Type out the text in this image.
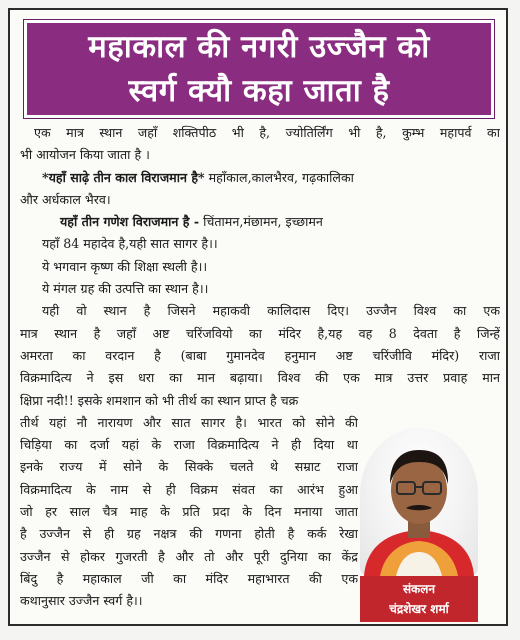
महाकाल की नगरी उज्जैन को
स्वर्ग क्यौ कहा जाता है
एक मात्र स्थान जहाँ शक्तिपीठ भी है, ज्योतिर्लिंग भी है, कुम्भ महापर्व का
भी आयोजन किया जाता है ।
*यहाँ साढ़े तीन काल विराजमान है* महाँकाल,कालभैरव, गढ़कालिका
और अर्धकाल भैरव।
यहाँ तीन गणेश विराजमान है - चिंतामन,मंछामन, इच्छामन
यहाँ 84 महादेव है,यही सात सागर है।।
ये भगवान कृष्ण की शिक्षा स्थली है।।
ये मंगल ग्रह की उत्पत्ति का स्थान है।।
यही वो स्थान है जिसने महाकवी कालिदास दिए। उज्जैन विश्व का एक
मात्र स्थान है जहाँ अष्ट चरिंजवियो का मंदिर है,यह वह 8 देवता है जिन्हें
अमरता का वरदान है (बाबा गुमानदेव हनुमान अष्ट चरिंजीवि मंदिर) राजा
विक्रमादित्य ने इस धरा का मान बढ़ाया। विश्व की एक मात्र उत्तर प्रवाह मान
क्षिप्रा नदी!! इसके शमशान को भी तीर्थ का स्थान प्राप्त है चक्र
तीर्थ यहां नौ नारायण और सात सागर है। भारत को सोने की
चिड़िया का दर्जा यहां के राजा विक्रमादित्य ने ही दिया था
इनके राज्य में सोने के सिक्के चलते थे सम्राट राजा
विक्रमादित्य के नाम से ही विक्रम संवत का आरंभ हुआ
जो हर साल चैत्र माह के प्रति प्रदा के दिन मनाया जाता
है उज्जैन से ही ग्रह नक्षत्र की गणना होती है कर्क रेखा
उज्जैन से होकर गुजरती है और तो और पूरी दुनिया का केंद्र
बिंदु है महाकाल जी का मंदिर महाभारत की एक
कथानुसार उज्जैन स्वर्ग है।।
संकलन
चंद्रशेखर शर्मा
